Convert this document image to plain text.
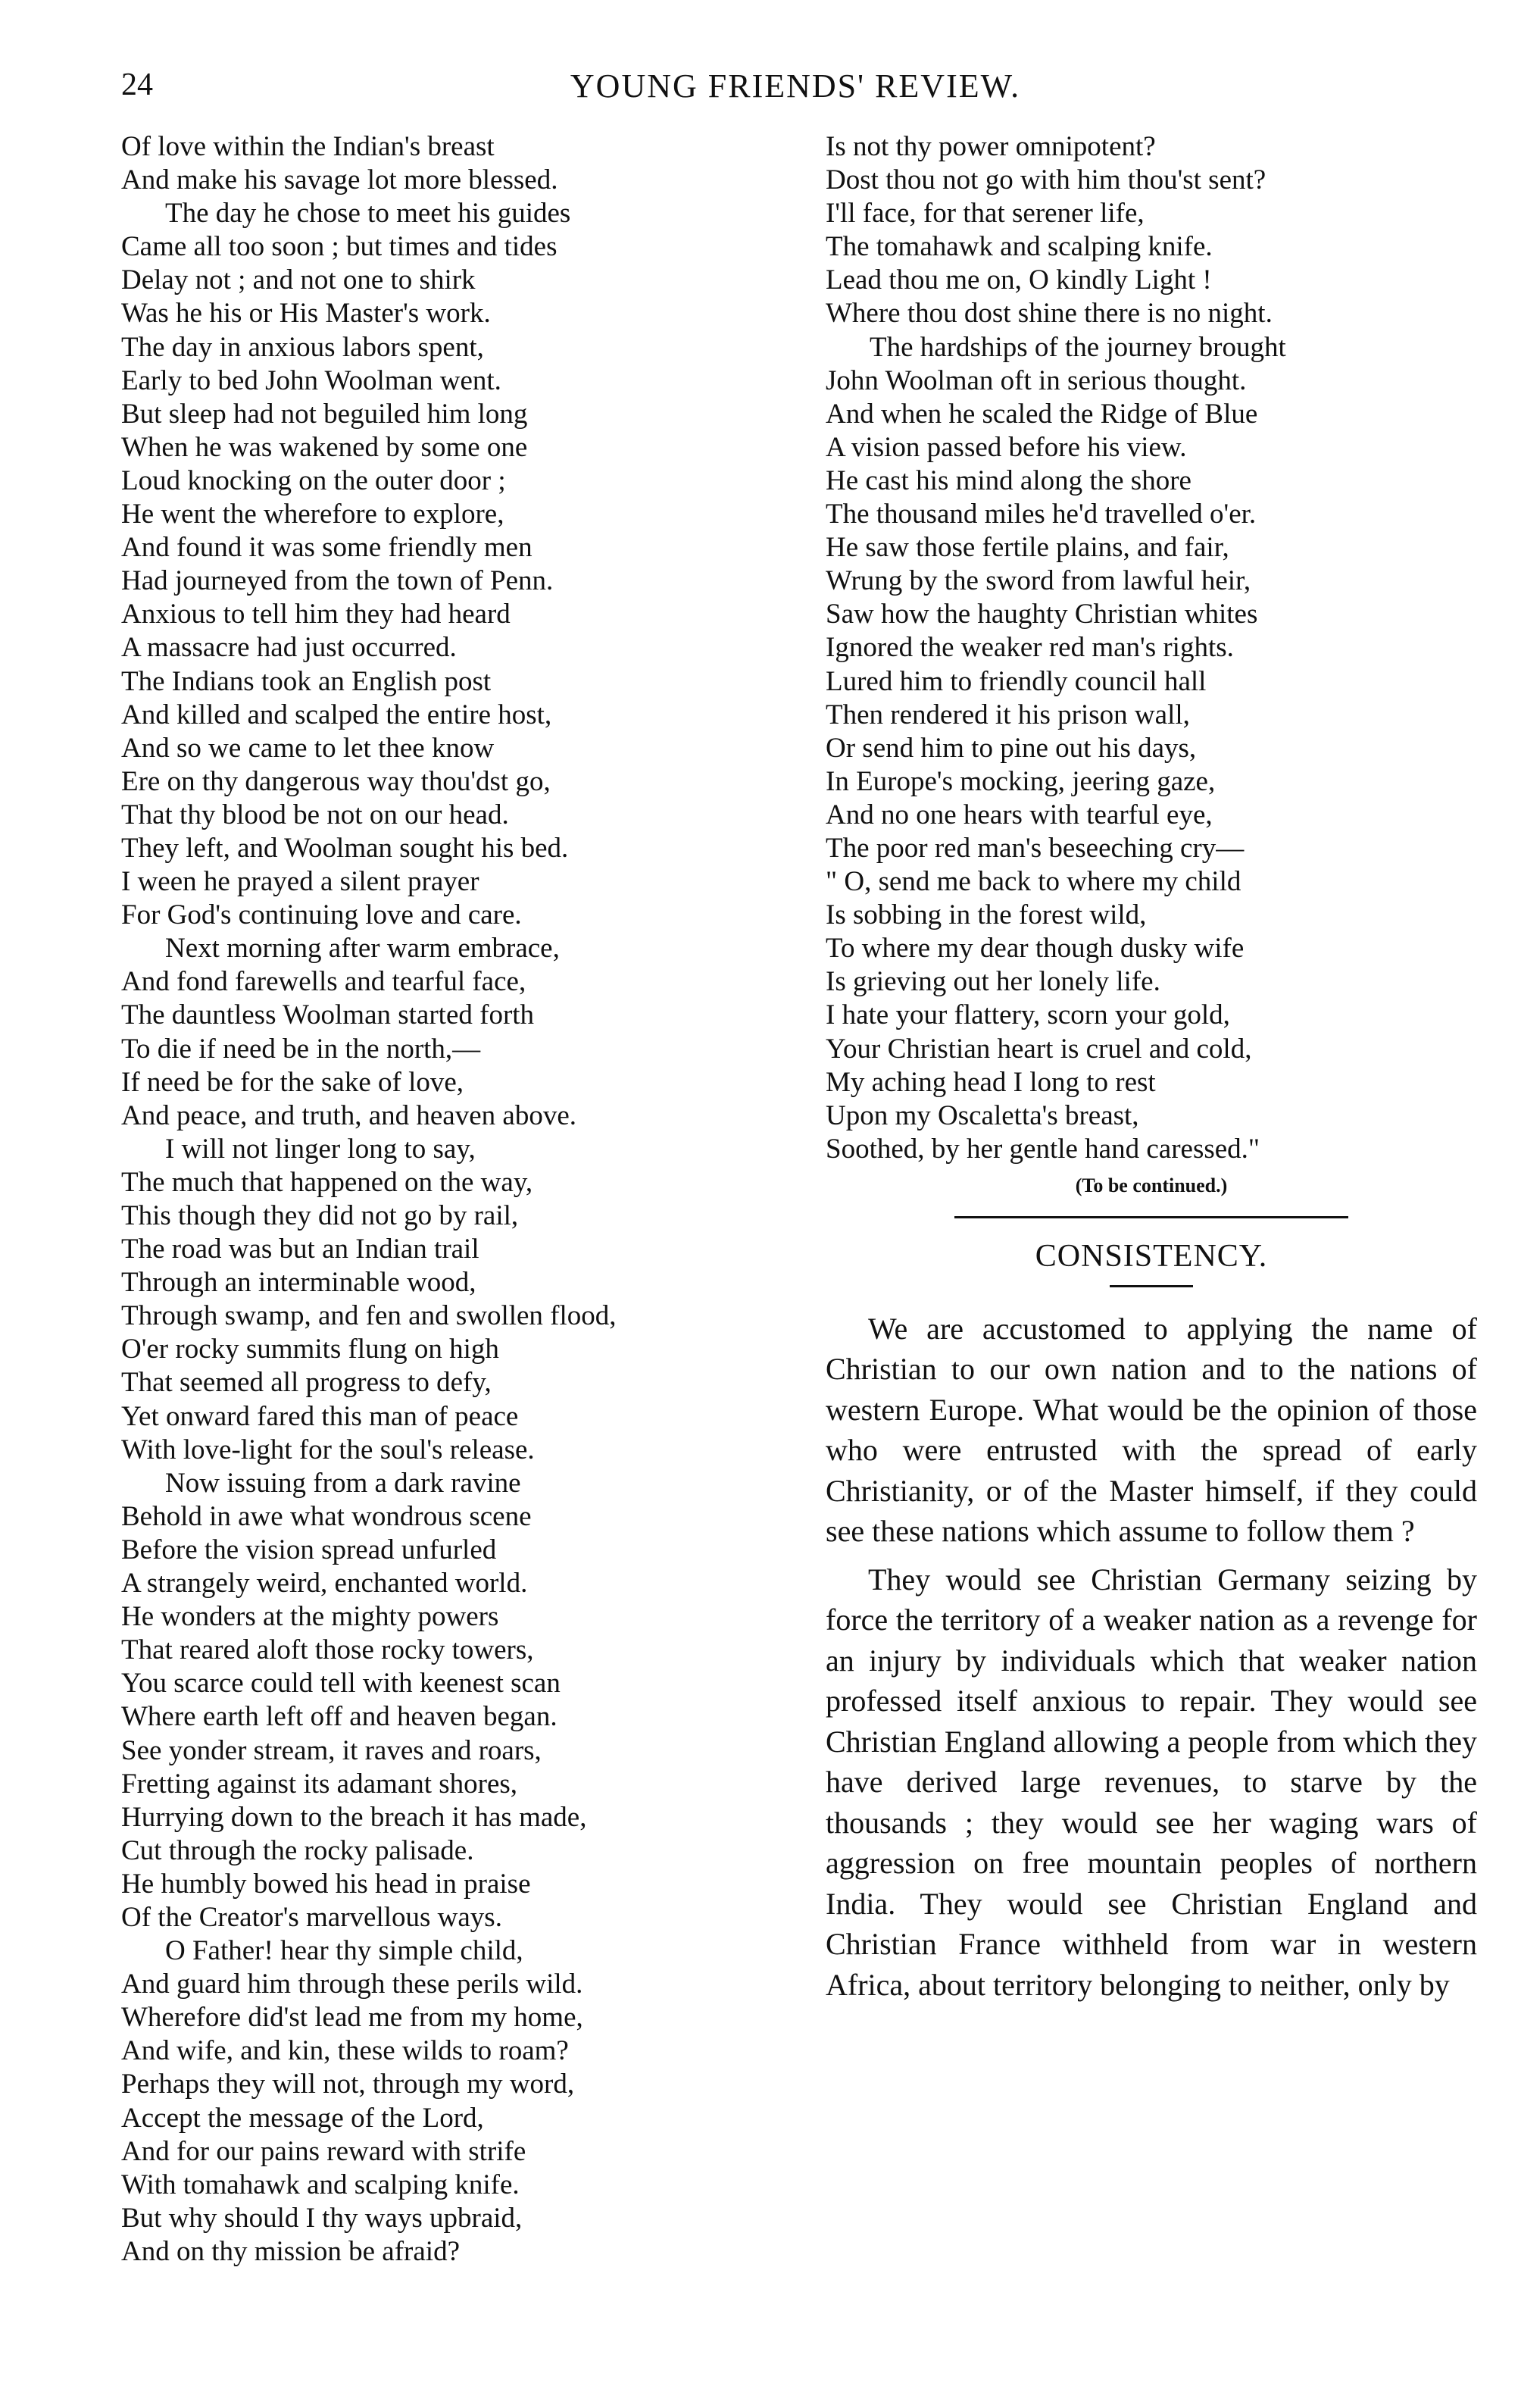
24	YOUNG FRIENDS' REVIEW.
Of love within the Indian's breast
And make his savage lot more blessed.
The day he chose to meet his guides
Came all too soon ; but times and tides
Delay not ; and not one to shirk
Was he his or His Master's work.
The day in anxious labors spent,
Early to bed John Woolman went.
But sleep had not beguiled him long
When he was wakened by some one
Loud knocking on the outer door ;
He went the wherefore to explore,
And found it was some friendly men
Had journeyed from the town of Penn.
Anxious to tell him they had heard
A massacre had just occurred.
The Indians took an English post
And killed and scalped the entire host,
And so we came to let thee know
Ere on thy dangerous way thou'dst go,
That thy blood be not on our head.
They left, and Woolman sought his bed.
I ween he prayed a silent prayer
For God's continuing love and care.
Next morning after warm embrace,
And fond farewells and tearful face,
The dauntless Woolman started forth
To die if need be in the north,—
If need be for the sake of love,
And peace, and truth, and heaven above.
I will not linger long to say,
The much that happened on the way,
This though they did not go by rail,
The road was but an Indian trail
Through an interminable wood,
Through swamp, and fen and swollen flood,
O'er rocky summits flung on high
That seemed all progress to defy,
Yet onward fared this man of peace
With love-light for the soul's release.
Now issuing from a dark ravine
Behold in awe what wondrous scene
Before the vision spread unfurled
A strangely weird, enchanted world.
He wonders at the mighty powers
That reared aloft those rocky towers,
You scarce could tell with keenest scan
Where earth left off and heaven began.
See yonder stream, it raves and roars,
Fretting against its adamant shores,
Hurrying down to the breach it has made,
Cut through the rocky palisade.
He humbly bowed his head in praise
Of the Creator's marvellous ways.
O Father! hear thy simple child,
And guard him through these perils wild.
Wherefore did'st lead me from my home,
And wife, and kin, these wilds to roam?
Perhaps they will not, through my word,
Accept the message of the Lord,
And for our pains reward with strife
With tomahawk and scalping knife.
But why should I thy ways upbraid,
And on thy mission be afraid?
Is not thy power omnipotent?
Dost thou not go with him thou'st sent?
I'll face, for that serener life,
The tomahawk and scalping knife.
Lead thou me on, O kindly Light !
Where thou dost shine there is no night.
The hardships of the journey brought
John Woolman oft in serious thought.
And when he scaled the Ridge of Blue
A vision passed before his view.
He cast his mind along the shore
The thousand miles he'd travelled o'er.
He saw those fertile plains, and fair,
Wrung by the sword from lawful heir,
Saw how the haughty Christian whites
Ignored the weaker red man's rights.
Lured him to friendly council hall
Then rendered it his prison wall,
Or send him to pine out his days,
In Europe's mocking, jeering gaze,
And no one hears with tearful eye,
The poor red man's beseeching cry—
" O, send me back to where my child
Is sobbing in the forest wild,
To where my dear though dusky wife
Is grieving out her lonely life.
I hate your flattery, scorn your gold,
Your Christian heart is cruel and cold,
My aching head I long to rest
Upon my Oscaletta's breast,
Soothed, by her gentle hand caressed."
(To be continued.)
CONSISTENCY.

We are accustomed to applying the name of Christian to our own nation and to the nations of western Europe. What would be the opinion of those who were entrusted with the spread of early Christianity, or of the Master himself, if they could see these nations which assume to follow them ?

They would see Christian Germany seizing by force the territory of a weaker nation as a revenge for an injury by individuals which that weaker nation professed itself anxious to repair. They would see Christian England allowing a people from which they have derived large revenues, to starve by the thousands ; they would see her waging wars of aggression on free mountain peoples of northern India. They would see Christian England and Christian France withheld from war in western Africa, about territory belonging to neither, only by
